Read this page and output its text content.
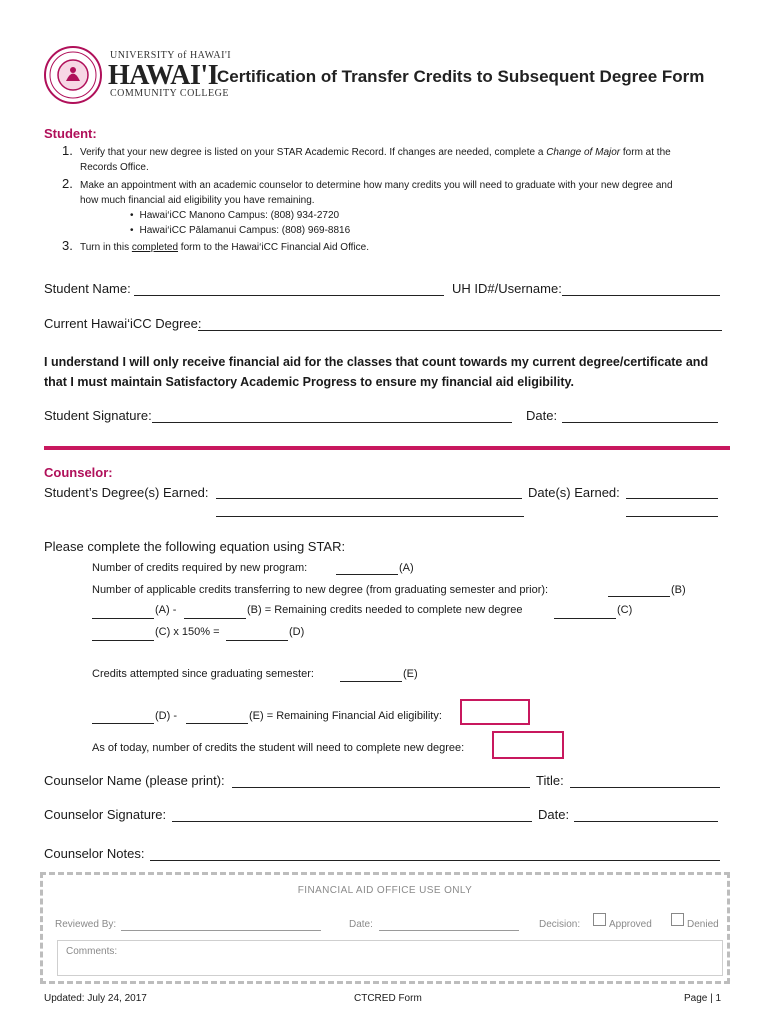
UNIVERSITY of HAWAI'I
HAWAI'I
COMMUNITY COLLEGE
Certification of Transfer Credits to Subsequent Degree Form
Student:
1. Verify that your new degree is listed on your STAR Academic Record. If changes are needed, complete a Change of Major form at the
Records Office.
2. Make an appointment with an academic counselor to determine how many credits you will need to graduate with your new degree and
how much financial aid eligibility you have remaining.
• Hawai‘iCC Manono Campus: (808) 934-2720
• Hawai‘iCC Pālamanui Campus: (808) 969-8816
3. Turn in this completed form to the Hawai‘iCC Financial Aid Office.
Student Name:	UH ID#/Username:
Current Hawai‘iCC Degree:
I understand I will only receive financial aid for the classes that count towards my current degree/certificate and that I must maintain Satisfactory Academic Progress to ensure my financial aid eligibility.
Student Signature:	Date:
Counselor:
Student’s Degree(s) Earned:	Date(s) Earned:
Please complete the following equation using STAR:
Number of credits required by new program:	(A)
Number of applicable credits transferring to new degree (from graduating semester and prior):	(B)
(A) -	(B) = Remaining credits needed to complete new degree	(C)
(C) x 150% =	(D)
Credits attempted since graduating semester:	(E)
(D) -	(E) = Remaining Financial Aid eligibility:
As of today, number of credits the student will need to complete new degree:
Counselor Name (please print):	Title:
Counselor Signature:	Date:
Counselor Notes:
FINANCIAL AID OFFICE USE ONLY
Reviewed By:	Date:	Decision:	Approved	Denied
Comments:
Updated: July 24, 2017	CTCRED Form	Page | 1
